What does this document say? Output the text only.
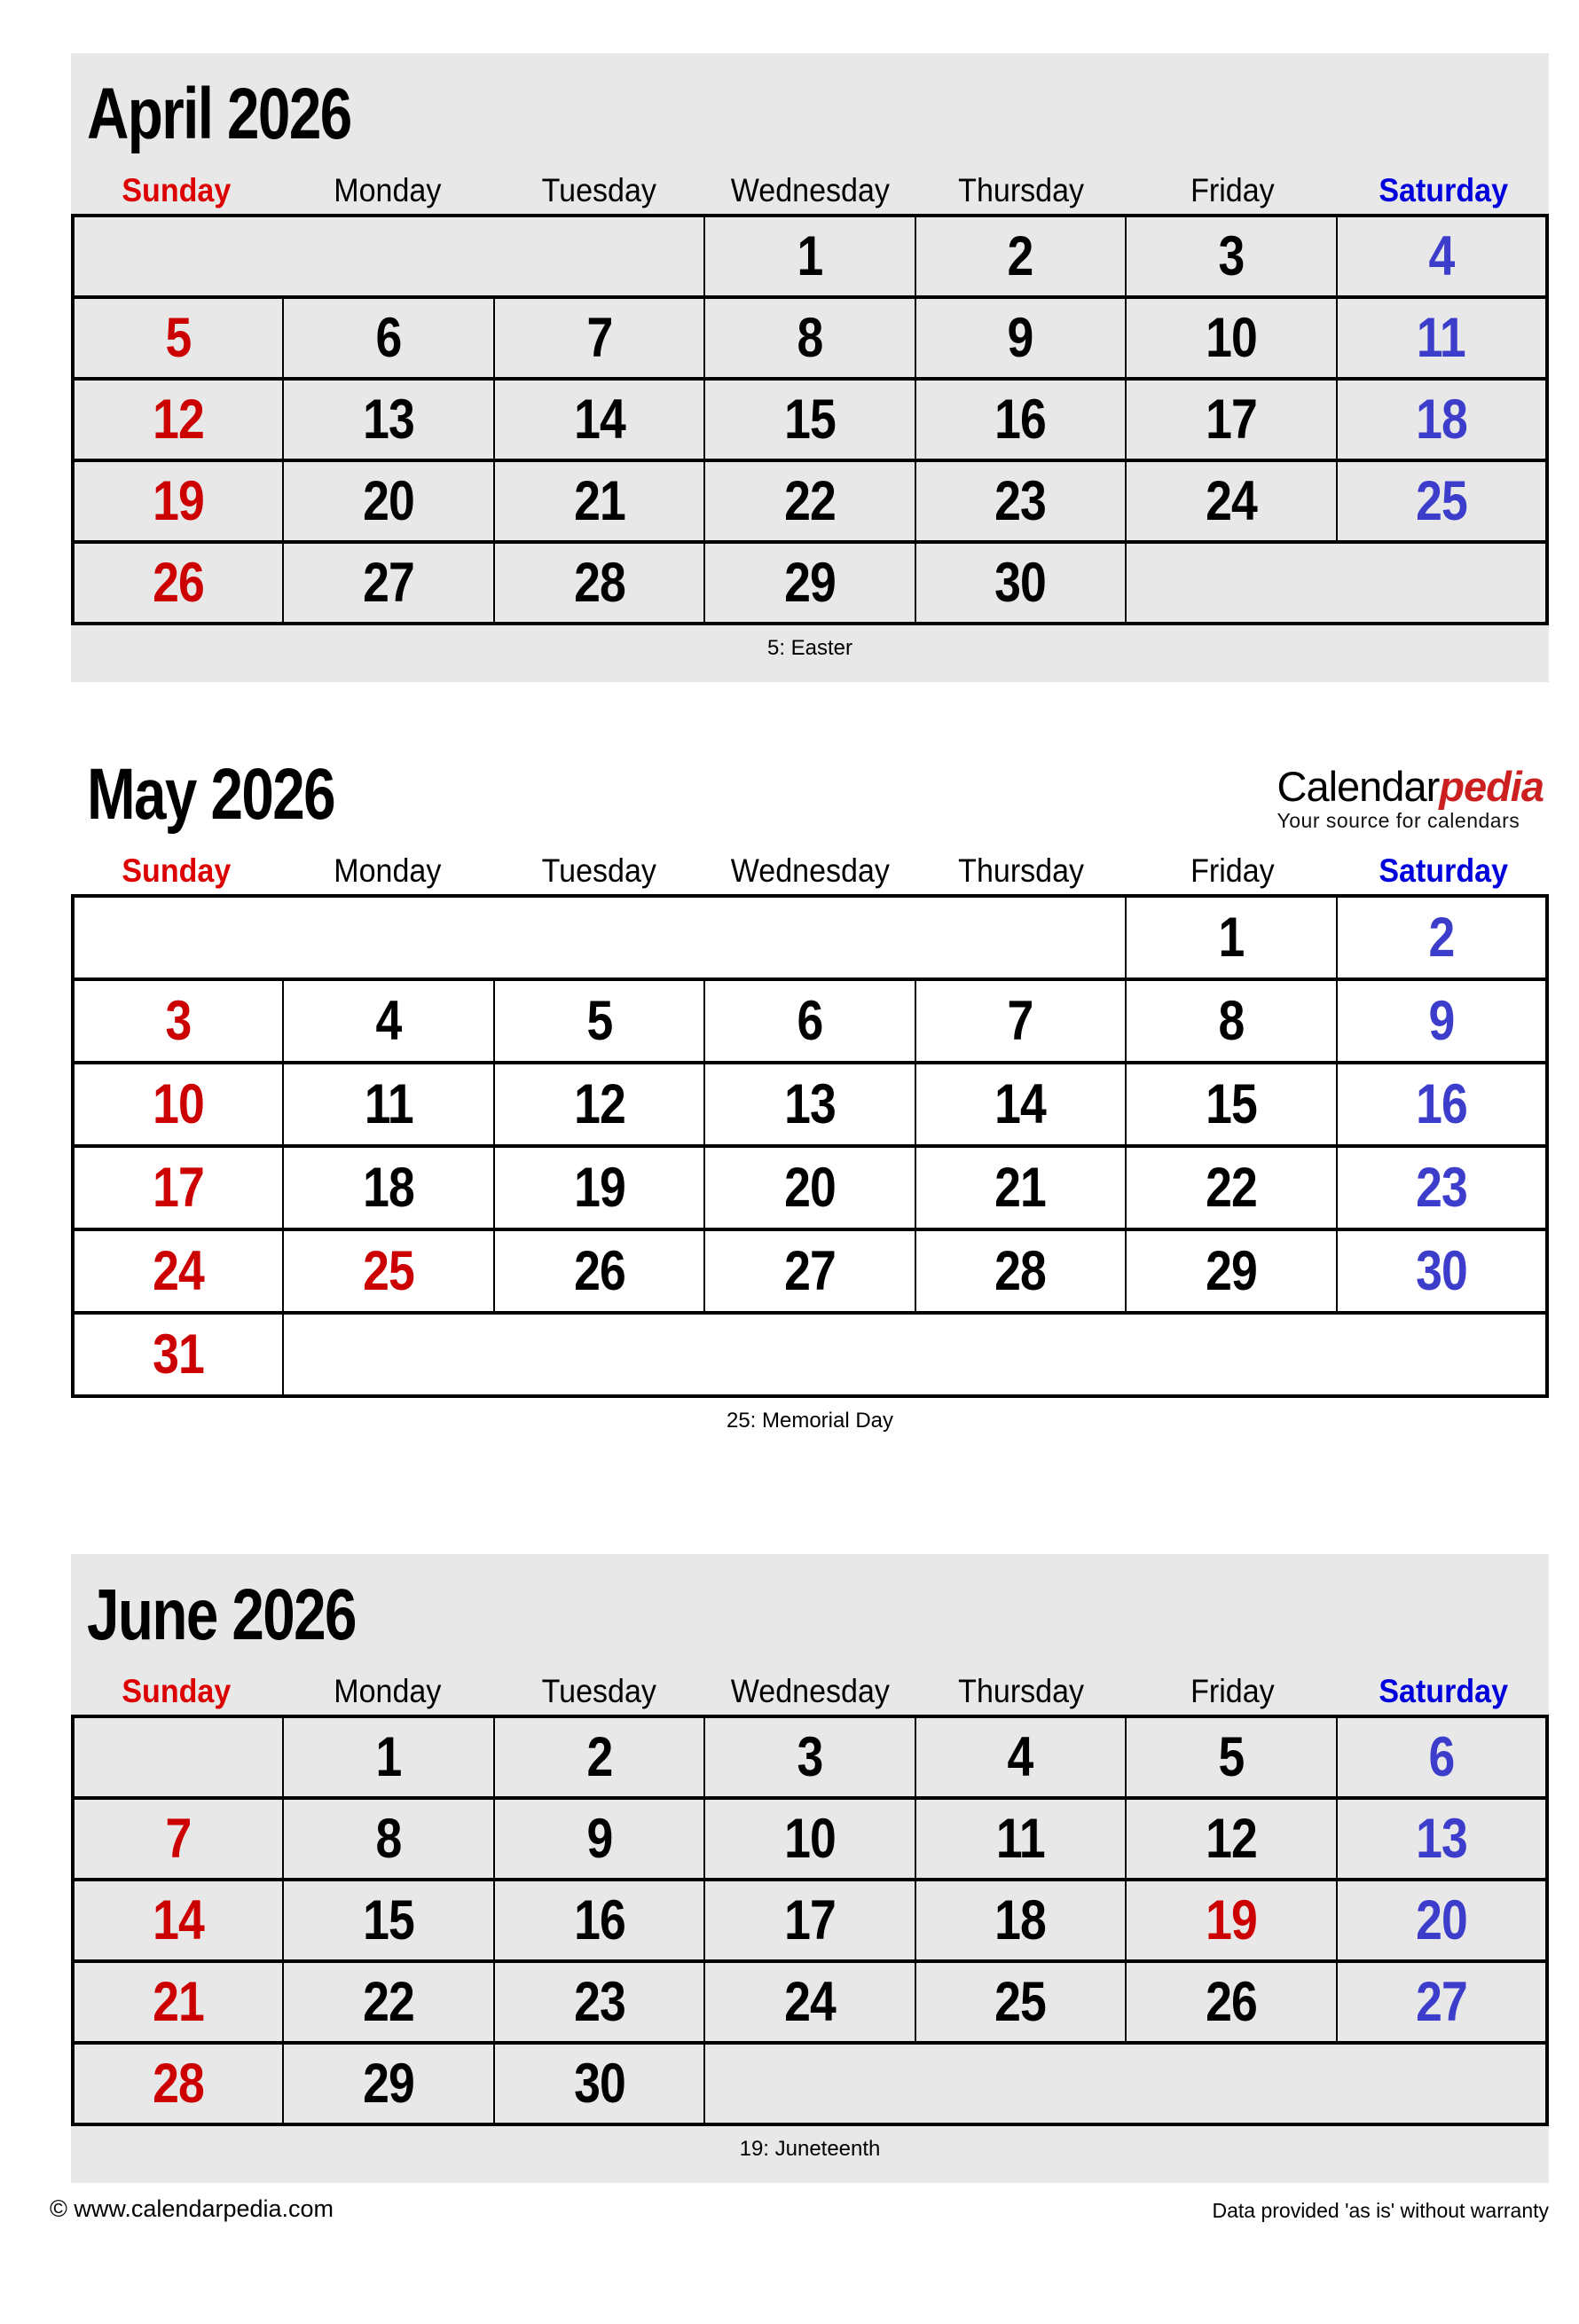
April 2026
Sunday	Monday	Tuesday	Wednesday	Thursday	Friday	Saturday
			1	2	3	4
5	6	7	8	9	10	11
12	13	14	15	16	17	18
19	20	21	22	23	24	25
26	27	28	29	30		
5: Easter
May 2026	Calendarpedia
Your source for calendars
Sunday	Monday	Tuesday	Wednesday	Thursday	Friday	Saturday
					1	2
3	4	5	6	7	8	9
10	11	12	13	14	15	16
17	18	19	20	21	22	23
24	25	26	27	28	29	30
31						
25: Memorial Day
June 2026
Sunday	Monday	Tuesday	Wednesday	Thursday	Friday	Saturday
	1	2	3	4	5	6
7	8	9	10	11	12	13
14	15	16	17	18	19	20
21	22	23	24	25	26	27
28	29	30				
19: Juneteenth
© www.calendarpedia.com	Data provided 'as is' without warranty
